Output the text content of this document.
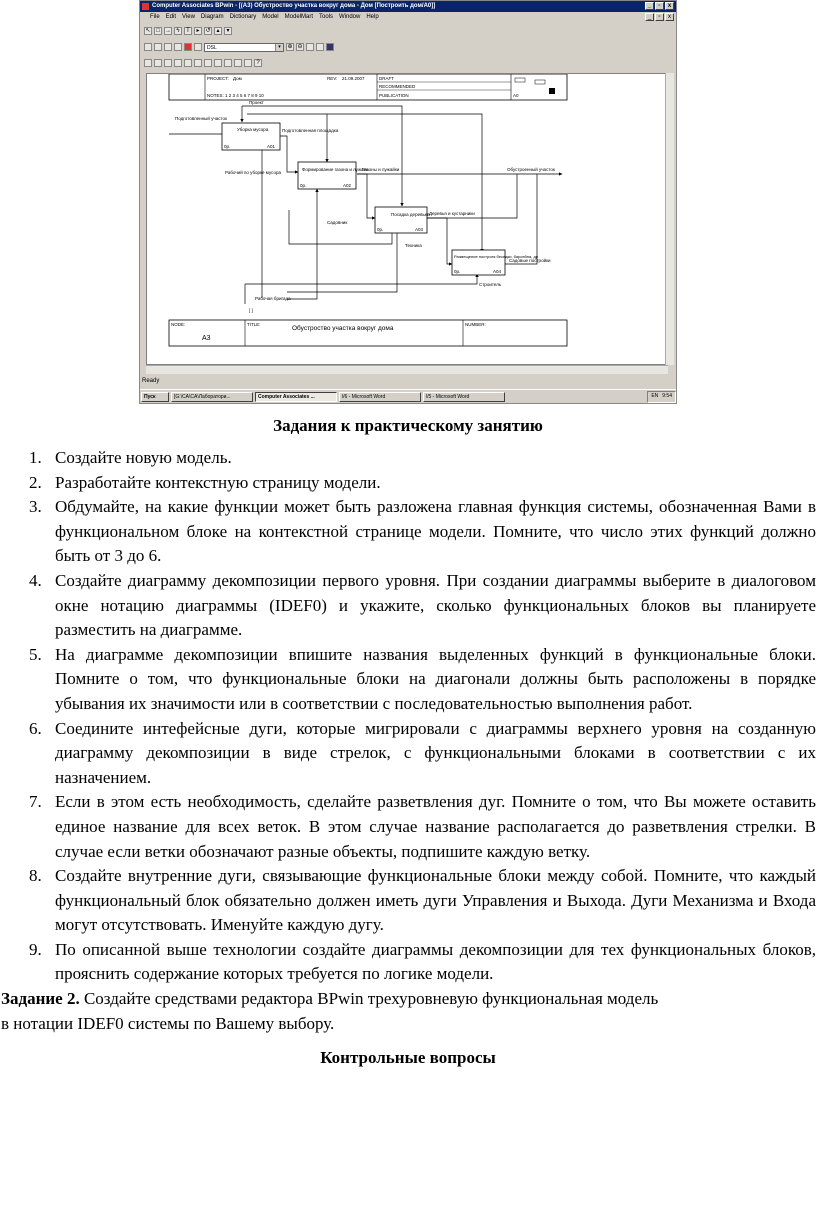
Computer Associates BPwin - [(A3) Обустроство участка вокруг дома - Дом [Построить дом/А0]]	_	▫	x
File Edit View Diagram Dictionary Model ModelMart Tools Window Help	_	▫	x
↖ □ → ϟ	T	▸ ↺ ▴	▾
DSL	▾	⊕ ⊖
?
PROJECT: Дом	REV: 21.09.2007
NOTES: 1 2 3 4 5 6 7 8 9 10
DRAFT
RECOMMENDED
PUBLICATION	A0
Уборка мусора
0р.	А01
Формирование газона и лужаек
0р.	А02
Посадка деревьев
0р.	А03
Размещение построек беседки, барсейна, др
0р.	А04
Проект
Подготовленный участок
Подготовленная площадка
Рабочий по уборке мусора
Газоны и лужайки	Обустроенный участок
Садовник
Деревья и кустарники
Техника
Садовые постройки
Строитель
Рабочая бригада
[ ]
NODE:
А3
TITLE:
Обустроство участка вокруг дома
NUMBER:
Ready
Пуск	[G:\CA\CA\Лаборатори...	Computer Associates ...	l/6 - Microsoft Word	l/5 - Microsoft Word	EN 9:54

Задания к практическому занятию

1. Создайте новую модель.
2. Разработайте контекстную страницу модели.
3. Обдумайте, на какие функции может быть разложена главная функция системы, обозначенная Вами в функциональном блоке на контекстной странице модели. Помните, что число этих функций должно быть от 3 до 6.
4. Создайте диаграмму декомпозиции первого уровня. При создании диаграммы выберите в диалоговом окне нотацию диаграммы (IDEF0) и укажите, сколько функциональных блоков вы планируете разместить на диаграмме.
5. На диаграмме декомпозиции впишите названия выделенных функций в функциональные блоки. Помните о том, что функциональные блоки на диагонали должны быть расположены в порядке убывания их значимости или в соответствии с последовательностью выполнения работ.
6. Соедините интефейсные дуги, которые мигрировали с диаграммы верхнего уровня на созданную диаграмму декомпозиции в виде стрелок, с функциональными блоками в соответствии с их назначением.
7. Если в этом есть необходимость, сделайте разветвления дуг. Помните о том, что Вы можете оставить единое название для всех веток. В этом случае название располагается до разветвления стрелки. В случае если ветки обозначают разные объекты, подпишите каждую ветку.
8. Создайте внутренние дуги, связывающие функциональные блоки между собой. Помните, что каждый функциональный блок обязательно должен иметь дуги Управления и Выхода. Дуги Механизма и Входа могут отсутствовать. Именуйте каждую дугу.
9. По описанной выше технологии создайте диаграммы декомпозиции для тех функциональных блоков, прояснить содержание которых требуется по логике модели.

Задание 2. Создайте средствами редактора BPwin трехуровневую функциональная модель

в нотации IDEF0 системы по Вашему выбору.

Контрольные вопросы
